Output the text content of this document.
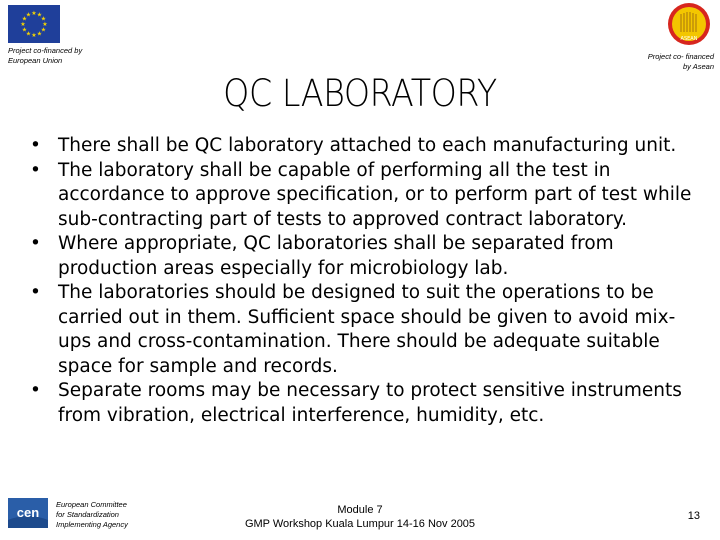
★ ★
★
★
★
★
★
★
★
★
★
★
Project co-financed by
European Union
ASEAN
Project co- financed
by Asean
QC LABORATORY
• There shall be QC laboratory attached to each manufacturing unit.
• The laboratory shall be capable of performing all the test in accordance to approve specification, or to perform part of test while sub-contracting part of tests to approved contract laboratory.
• Where appropriate, QC laboratories shall be separated from production areas especially for microbiology lab.
• The laboratories should be designed to suit the operations to be carried out in them. Sufficient space should be given to avoid mix-ups and cross-contamination. There should be adequate suitable space for sample and records.
• Separate rooms may be necessary to protect sensitive instruments from vibration, electrical interference, humidity, etc.
cen
European Committee
for Standardization
Implementing Agency
Module 7
GMP Workshop Kuala Lumpur 14-16 Nov 2005
13
